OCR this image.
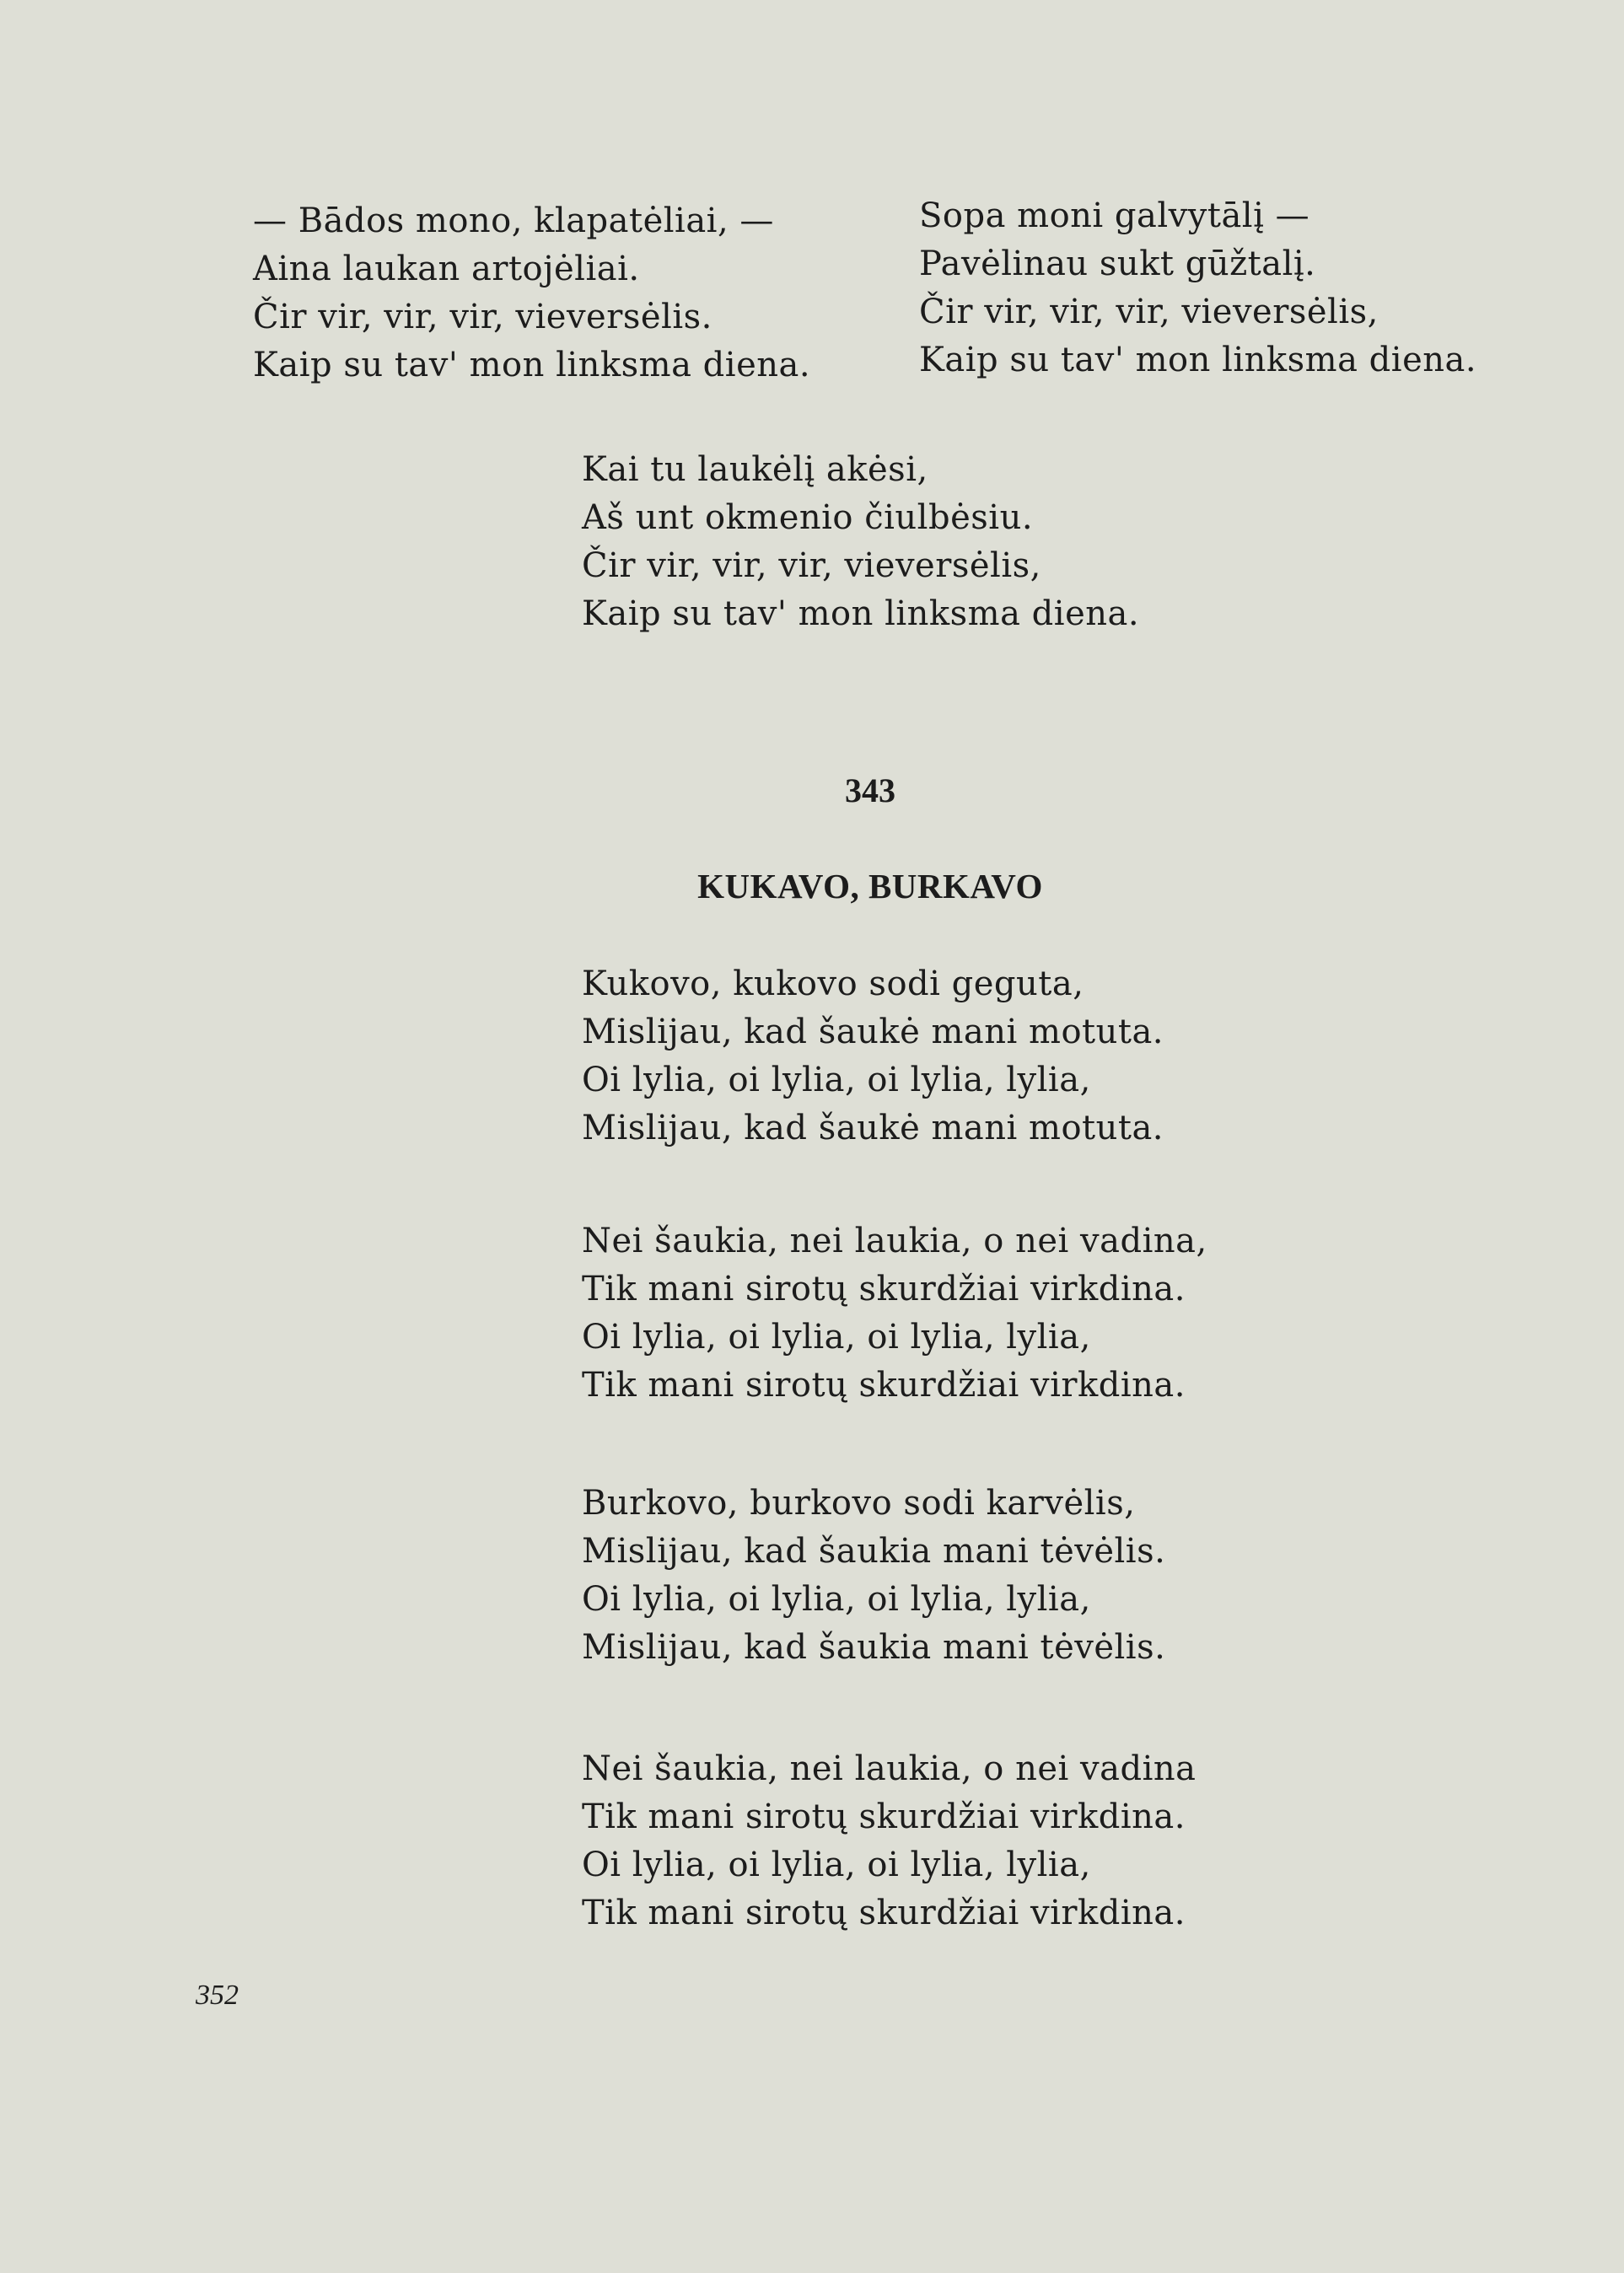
— Bādos mono, klapatėliai, —
Aina laukan artojėliai.
Čir vir, vir, vir, vieversėlis.
Kaip su tav' mon linksma diena.
Sopa moni galvytālį —
Pavėlinau sukt gūžtalį.
Čir vir, vir, vir, vieversėlis,
Kaip su tav' mon linksma diena.
Kai tu laukėlį akėsi,
Aš unt okmenio čiulbėsiu.
Čir vir, vir, vir, vieversėlis,
Kaip su tav' mon linksma diena.
343
KUKAVO, BURKAVO
Kukovo, kukovo sodi geguta,
Mislijau, kad šaukė mani motuta.
Oi lylia, oi lylia, oi lylia, lylia,
Mislijau, kad šaukė mani motuta.
Nei šaukia, nei laukia, o nei vadina,
Tik mani sirotų skurdžiai virkdina.
Oi lylia, oi lylia, oi lylia, lylia,
Tik mani sirotų skurdžiai virkdina.
Burkovo, burkovo sodi karvėlis,
Mislijau, kad šaukia mani tėvėlis.
Oi lylia, oi lylia, oi lylia, lylia,
Mislijau, kad šaukia mani tėvėlis.
Nei šaukia, nei laukia, o nei vadina
Tik mani sirotų skurdžiai virkdina.
Oi lylia, oi lylia, oi lylia, lylia,
Tik mani sirotų skurdžiai virkdina.
352
